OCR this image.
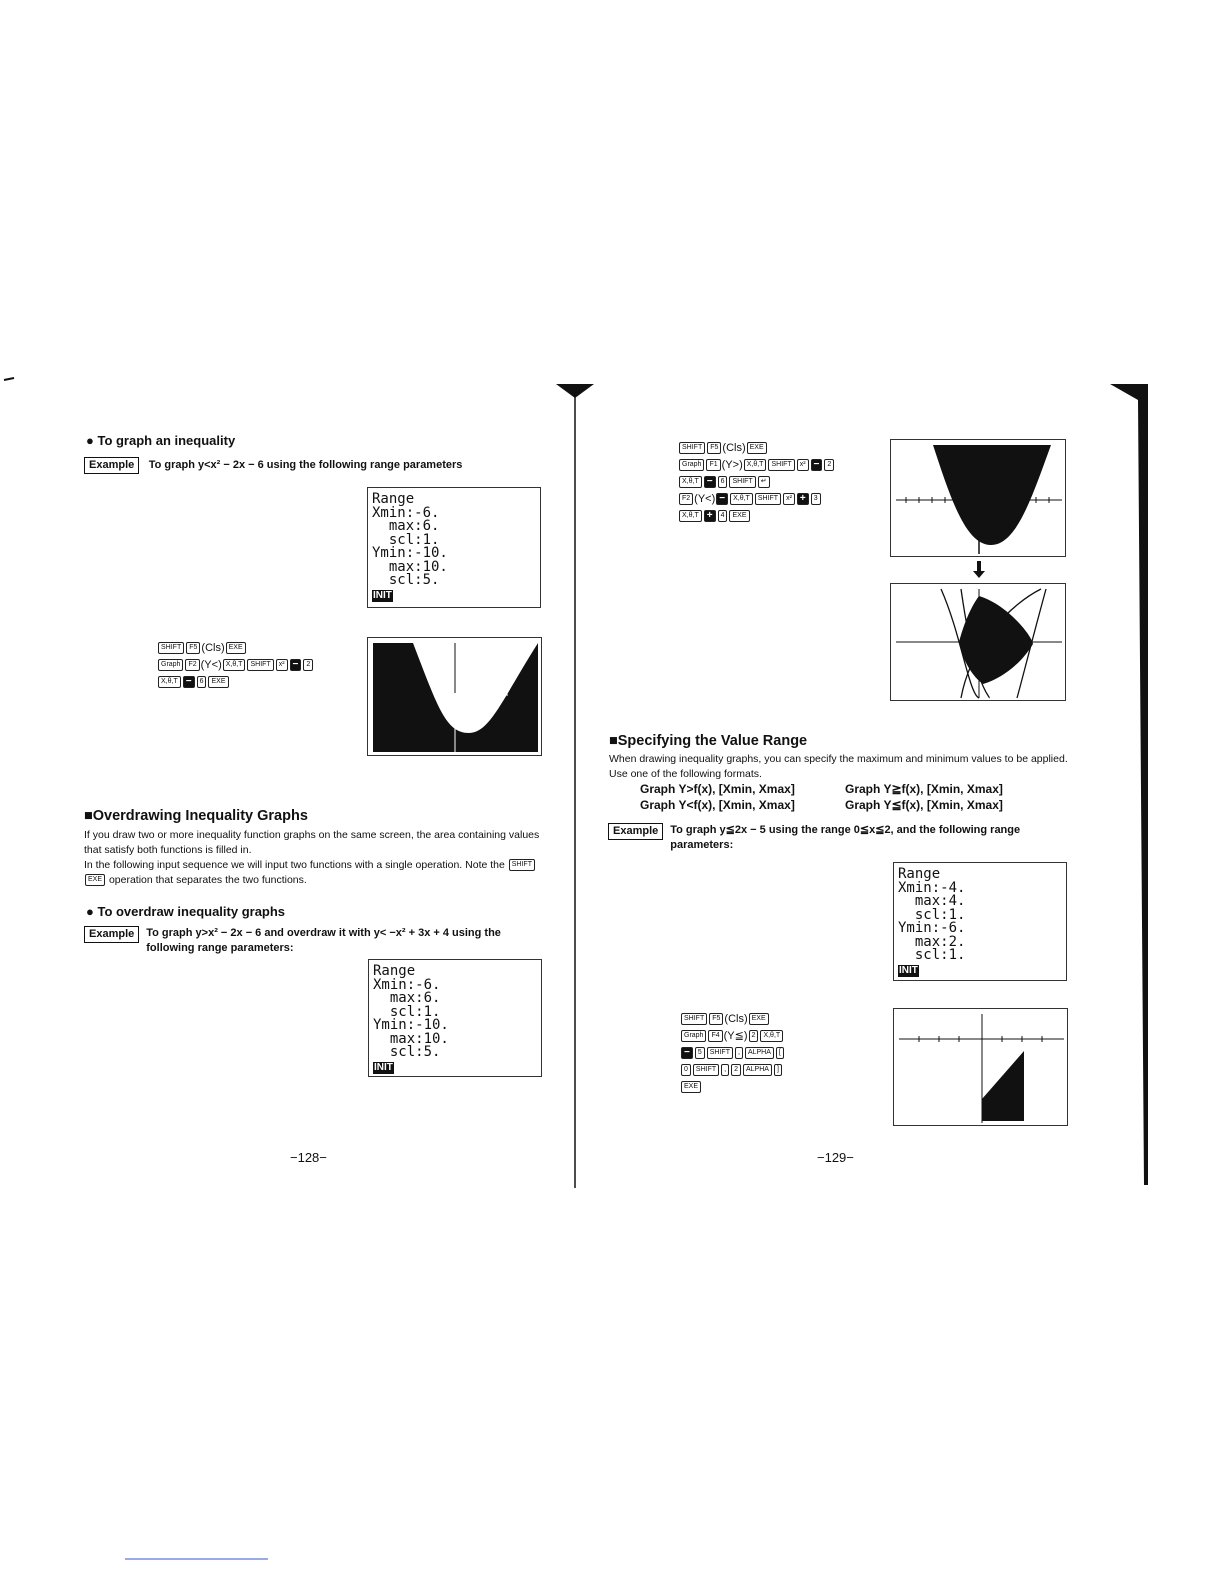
● To graph an inequality
Example To graph y<x² − 2x − 6 using the following range parameters
Range
Xmin:-6.
max:6.
scl:1.
Ymin:-10.
max:10.
scl:5.
INIT
SHIFT F5 (Cls) EXE
Graph F2 (Y<) X,θ,T SHIFT x² − 2
X,θ,T − 6 EXE
■Overdrawing Inequality Graphs
If you draw two or more inequality function graphs on the same screen, the area containing values that satisfy both functions is filled in.
In the following input sequence we will input two functions with a single operation. Note the SHIFTEXE operation that separates the two functions.
● To overdraw inequality graphs
Example	To graph y>x² − 2x − 6 and overdraw it with y< −x² + 3x + 4 using the following range parameters:
Range
Xmin:-6.
max:6.
scl:1.
Ymin:-10.
max:10.
scl:5.
INIT
−128−
SHIFT F5 (Cls) EXE
Graph F1 (Y>) X,θ,T SHIFT x² − 2
X,θ,T − 6 SHIFT ↵
F2 (Y<) − X,θ,T SHIFT x² + 3
X,θ,T + 4 EXE
■Specifying the Value Range
When drawing inequality graphs, you can specify the maximum and minimum values to be applied. Use one of the following formats.
Graph Y>f(x), [Xmin, Xmax]	Graph Y≧f(x), [Xmin, Xmax]
Graph Y<f(x), [Xmin, Xmax]	Graph Y≦f(x), [Xmin, Xmax]
Example	To graph y≦2x − 5 using the range 0≦x≦2, and the following range parameters:
Range
Xmin:-4.
max:4.
scl:1.
Ymin:-6.
max:2.
scl:1.
INIT
SHIFT F5 (Cls) EXE
Graph F4 (Y≦) 2 X,θ,T
− 5 SHIFT , ALPHA [
0 SHIFT , 2 ALPHA ]
EXE
−129−
